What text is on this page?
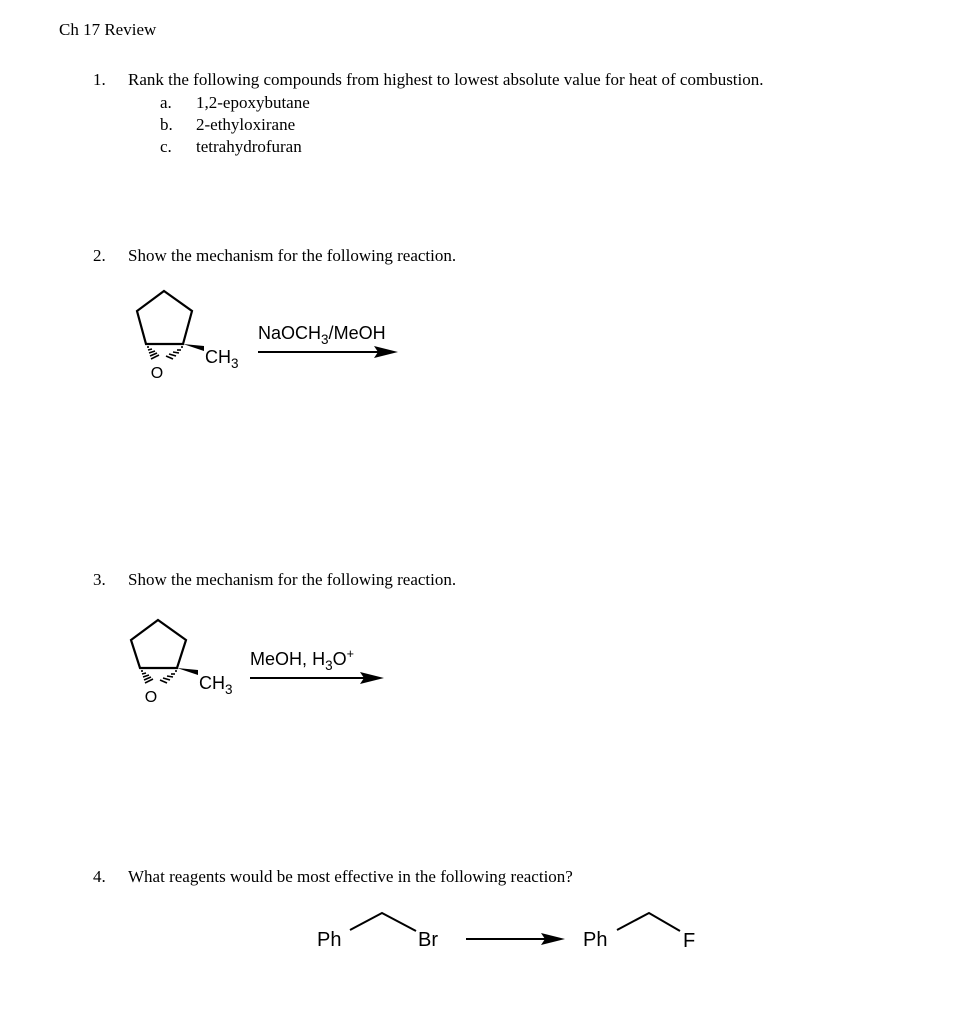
Ch 17 Review
1. Rank the following compounds from highest to lowest absolute value for heat of combustion.
a. 1,2-epoxybutane
b. 2-ethyloxirane
c. tetrahydrofuran
2. Show the mechanism for the following reaction.
O
$CH_3$
NaOCH$_3$/MeOH
3. Show the mechanism for the following reaction.
O
$CH_3$
MeOH, $H_3O^+$
4. What reagents would be most effective in the following reaction?
Ph	Br	Ph	F
